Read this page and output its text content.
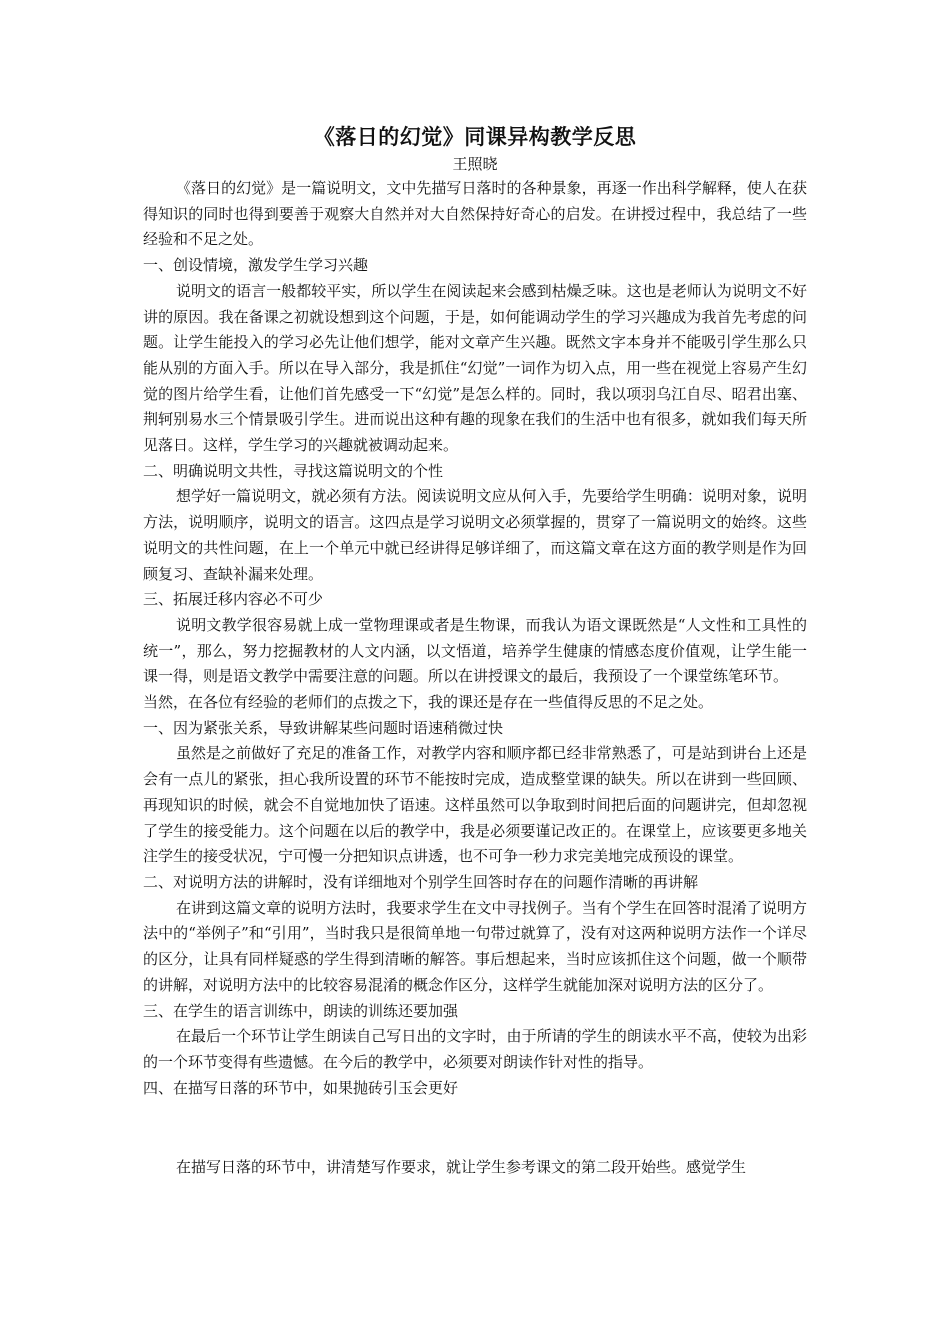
《落日的幻觉》同课异构教学反思
王照晓

《落日的幻觉》是一篇说明文，文中先描写日落时的各种景象，再逐一作出科学解释，使人在获得知识的同时也得到要善于观察大自然并对大自然保持好奇心的启发。在讲授过程中，我总结了一些经验和不足之处。

一、创设情境，激发学生学习兴趣

说明文的语言一般都较平实，所以学生在阅读起来会感到枯燥乏味。这也是老师认为说明文不好讲的原因。我在备课之初就设想到这个问题，于是，如何能调动学生的学习兴趣成为我首先考虑的问题。让学生能投入的学习必先让他们想学，能对文章产生兴趣。既然文字本身并不能吸引学生那么只能从别的方面入手。所以在导入部分，我是抓住“幻觉”一词作为切入点，用一些在视觉上容易产生幻觉的图片给学生看，让他们首先感受一下“幻觉”是怎么样的。同时，我以项羽乌江自尽、昭君出塞、荆轲别易水三个情景吸引学生。进而说出这种有趣的现象在我们的生活中也有很多，就如我们每天所见落日。这样，学生学习的兴趣就被调动起来。

二、明确说明文共性，寻找这篇说明文的个性

想学好一篇说明文，就必须有方法。阅读说明文应从何入手，先要给学生明确：说明对象，说明方法，说明顺序，说明文的语言。这四点是学习说明文必须掌握的，贯穿了一篇说明文的始终。这些说明文的共性问题，在上一个单元中就已经讲得足够详细了，而这篇文章在这方面的教学则是作为回顾复习、查缺补漏来处理。

三、拓展迁移内容必不可少

说明文教学很容易就上成一堂物理课或者是生物课，而我认为语文课既然是“人文性和工具性的统一”，那么，努力挖掘教材的人文内涵，以文悟道，培养学生健康的情感态度价值观，让学生能一课一得，则是语文教学中需要注意的问题。所以在讲授课文的最后，我预设了一个课堂练笔环节。

当然，在各位有经验的老师们的点拨之下，我的课还是存在一些值得反思的不足之处。

一、因为紧张关系，导致讲解某些问题时语速稍微过快

虽然是之前做好了充足的准备工作，对教学内容和顺序都已经非常熟悉了，可是站到讲台上还是会有一点儿的紧张，担心我所设置的环节不能按时完成，造成整堂课的缺失。所以在讲到一些回顾、再现知识的时候，就会不自觉地加快了语速。这样虽然可以争取到时间把后面的问题讲完，但却忽视了学生的接受能力。这个问题在以后的教学中，我是必须要谨记改正的。在课堂上，应该要更多地关注学生的接受状况，宁可慢一分把知识点讲透，也不可争一秒力求完美地完成预设的课堂。

二、对说明方法的讲解时，没有详细地对个别学生回答时存在的问题作清晰的再讲解

在讲到这篇文章的说明方法时，我要求学生在文中寻找例子。当有个学生在回答时混淆了说明方法中的“举例子”和“引用”，当时我只是很简单地一句带过就算了，没有对这两种说明方法作一个详尽的区分，让具有同样疑惑的学生得到清晰的解答。事后想起来，当时应该抓住这个问题，做一个顺带的讲解，对说明方法中的比较容易混淆的概念作区分，这样学生就能加深对说明方法的区分了。

三、在学生的语言训练中，朗读的训练还要加强

在最后一个环节让学生朗读自己写日出的文字时，由于所请的学生的朗读水平不高，使较为出彩的一个环节变得有些遗憾。在今后的教学中，必须要对朗读作针对性的指导。

四、在描写日落的环节中，如果抛砖引玉会更好

在描写日落的环节中，讲清楚写作要求，就让学生参考课文的第二段开始些。感觉学生
